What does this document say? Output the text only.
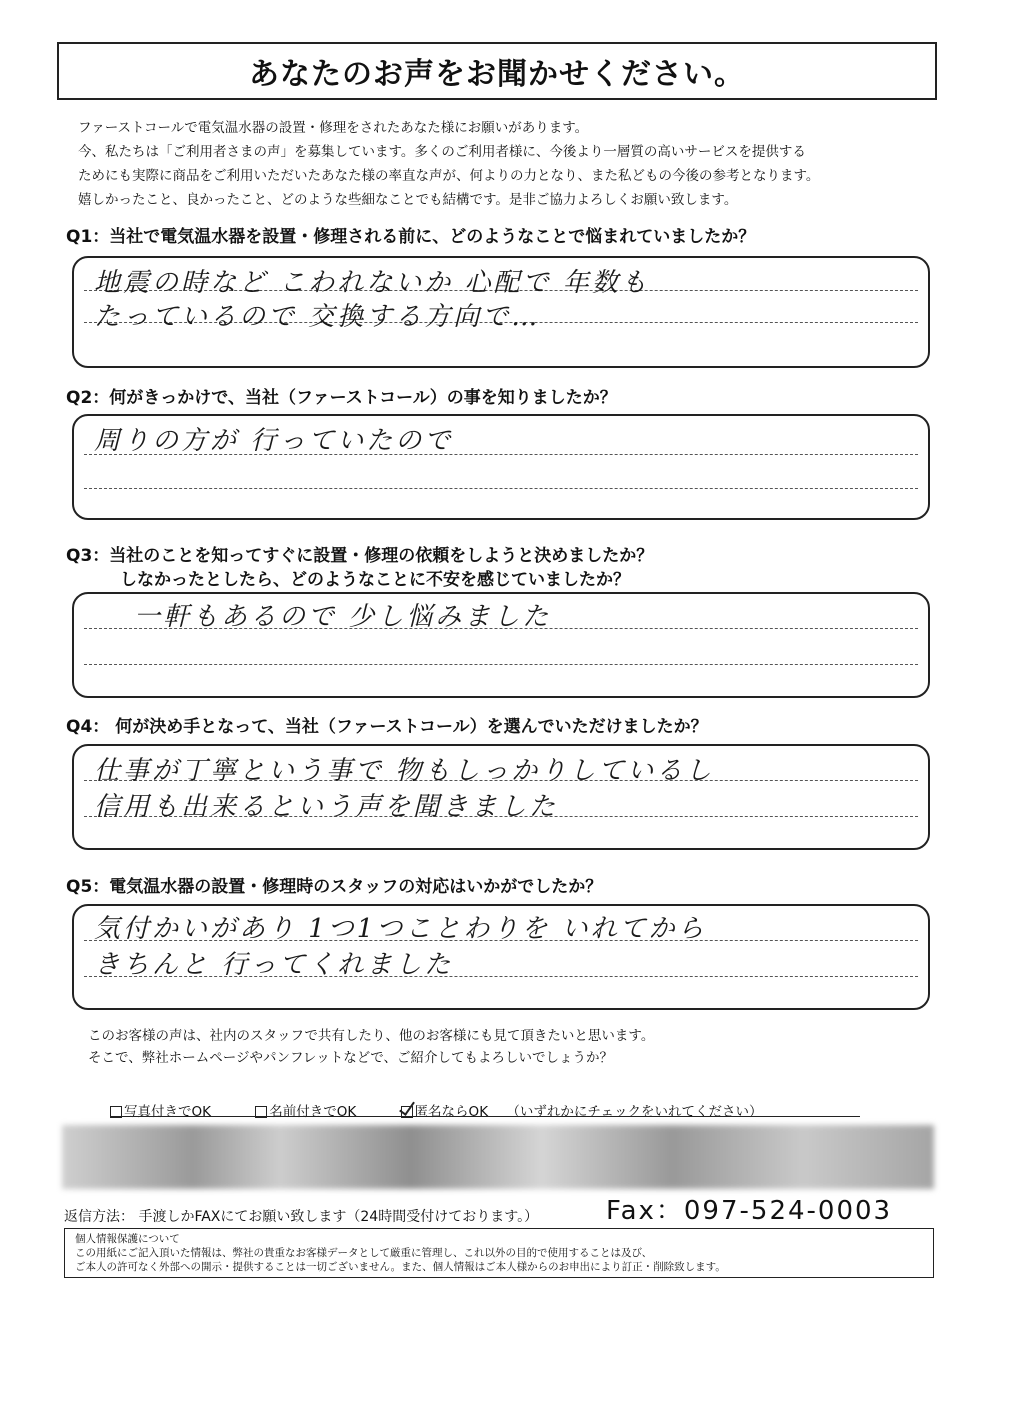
あなたのお声をお聞かせください。
ファーストコールで電気温水器の設置・修理をされたあなた様にお願いがあります。
今、私たちは「ご利用者さまの声」を募集しています。多くのご利用者様に、今後より一層質の高いサービスを提供する
ためにも実際に商品をご利用いただいたあなた様の率直な声が、何よりの力となり、また私どもの今後の参考となります。
嬉しかったこと、良かったこと、どのような些細なことでも結構です。是非ご協力よろしくお願い致します。
Q1：当社で電気温水器を設置・修理される前に、どのようなことで悩まれていましたか？
地震の時など こわれないか 心配で 年数も
たっているので 交換する方向で…
Q2：何がきっかけで、当社（ファーストコール）の事を知りましたか？
周りの方が 行っていたので
Q3：当社のことを知ってすぐに設置・修理の依頼をしようと決めましたか？
しなかったとしたら、どのようなことに不安を感じていましたか？
一軒もあるので 少し悩みました
Q4： 何が決め手となって、当社（ファーストコール）を選んでいただけましたか？
仕事が丁寧という事で 物もしっかりしているし
信用も出来るという声を聞きました
Q5：電気温水器の設置・修理時のスタッフの対応はいかがでしたか？
気付かいがあり 1つ1つことわりを いれてから
きちんと 行ってくれました
このお客様の声は、社内のスタッフで共有したり、他のお客様にも見て頂きたいと思います。
そこで、弊社ホームページやパンフレットなどで、ご紹介してもよろしいでしょうか？
写真付きでOK	名前付きでOK	匿名ならOK （いずれかにチェックをいれてください）
返信方法： 手渡しかFAXにてお願い致します（24時間受付けております。）	Fax：097-524-0003
個人情報保護について
この用紙にご記入頂いた情報は、弊社の貴重なお客様データとして厳重に管理し、これ以外の目的で使用することは及び、
ご本人の許可なく外部への開示・提供することは一切ございません。また、個人情報はご本人様からのお申出により訂正・削除致します。
